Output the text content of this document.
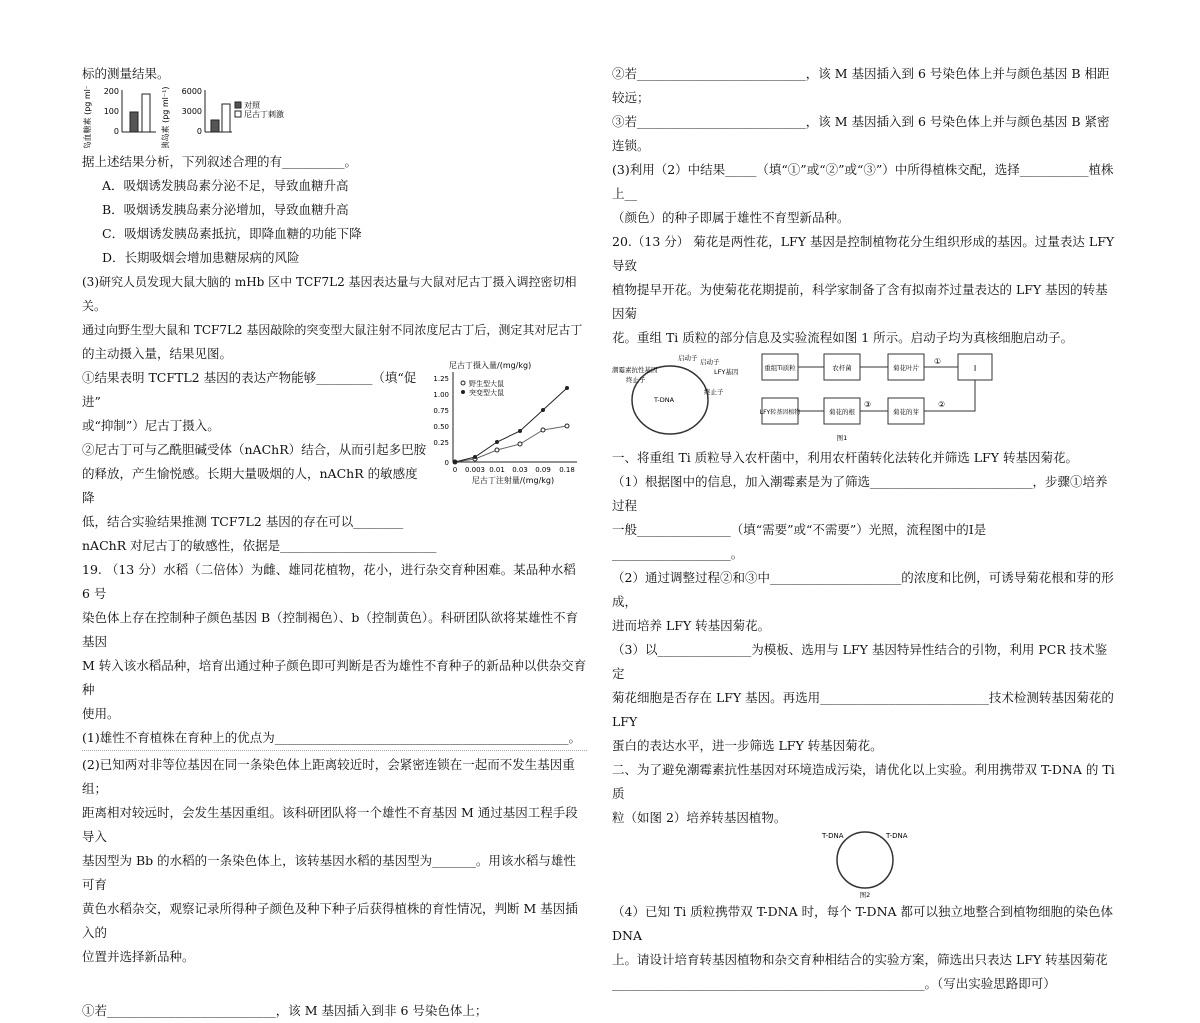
标的测量结果。

胰岛血糖素 (pg ml⁻¹) 200
100
0	胰岛素 (pg ml⁻¹) 6000
3000
0
对照
尼古丁刺激

据上述结果分析，下列叙述合理的有__________。

A．吸烟诱发胰岛素分泌不足，导致血糖升高

B．吸烟诱发胰岛素分泌增加，导致血糖升高

C．吸烟诱发胰岛素抵抗，即降血糖的功能下降

D．长期吸烟会增加患糖尿病的风险

(3)研究人员发现大鼠大脑的 mHb 区中 TCF7L2 基因表达量与大鼠对尼古丁摄入调控密切相关。

通过向野生型大鼠和 TCF7L2 基因敲除的突变型大鼠注射不同浓度尼古丁后，测定其对尼古丁

的主动摄入量，结果见图。

①结果表明 TCFTL2 基因的表达产物能够_________（填“促进”

或“抑制”）尼古丁摄入。

②尼古丁可与乙酰胆碱受体（nAChR）结合，从而引起多巴胺

的释放，产生愉悦感。长期大量吸烟的人，nAChR 的敏感度降

低，结合实验结果推测 TCF7L2 基因的存在可以________

nAChR 对尼古丁的敏感性，依据是_________________________

尼古丁摄入量/(mg/kg)
1.25
1.00
0.75
0.50
0.25
0
0 0.003 0.01 0.03 0.09 0.18
尼古丁注射量/(mg/kg)
野生型大鼠
突变型大鼠

19. （13 分）水稻（二倍体）为雌、雄同花植物，花小，进行杂交育种困难。某品种水稻 6 号

染色体上存在控制种子颜色基因 B（控制褐色）、b（控制黄色）。科研团队欲将某雄性不育基因

M 转入该水稻品种，培育出通过种子颜色即可判断是否为雄性不育种子的新品种以供杂交育种

使用。

(1)雄性不育植株在育种上的优点为_______________________________________________。

(2)已知两对非等位基因在同一条染色体上距离较近时，会紧密连锁在一起而不发生基因重组；

距离相对较远时，会发生基因重组。该科研团队将一个雄性不育基因 M 通过基因工程手段导入

基因型为 Bb 的水稻的一条染色体上，该转基因水稻的基因型为_______。用该水稻与雄性可育

黄色水稻杂交，观察记录所得种子颜色及种下种子后获得植株的育性情况，判断 M 基因插入的

位置并选择新品种。

①若___________________________，该 M 基因插入到非 6 号染色体上；

②若___________________________，该 M 基因插入到 6 号染色体上并与颜色基因 B 相距较远；

③若___________________________，该 M 基因插入到 6 号染色体上并与颜色基因 B 紧密连锁。

(3)利用（2）中结果_____（填“①”或“②”或“③”）中所得植株交配，选择___________植株上__

（颜色）的种子即属于雄性不育型新品种。

20.（13 分） 菊花是两性花，LFY 基因是控制植物花分生组织形成的基因。过量表达 LFY 导致

植物提早开花。为使菊花花期提前，科学家制备了含有拟南芥过量表达的 LFY 基因的转基因菊

花。重组 Ti 质粒的部分信息及实验流程如图 1 所示。启动子均为真核细胞启动子。

启动子
潮霉素抗性基因
终止子
启动子
LFY基因
T-DNA
终止子
重组Ti质粒	农杆菌	菊花叶片	Ⅰ
LFY转基因植物	菊花的根	菊花的芽
①
②
③
图1

一、将重组 Ti 质粒导入农杆菌中，利用农杆菌转化法转化并筛选 LFY 转基因菊花。

（1）根据图中的信息，加入潮霉素是为了筛选__________________________，步骤①培养过程

一般_______________（填“需要”或“不需要”）光照，流程图中的Ⅰ是___________________。

（2）通过调整过程②和③中_____________________的浓度和比例，可诱导菊花根和芽的形成，

进而培养 LFY 转基因菊花。

（3）以_______________为模板、选用与 LFY 基因特异性结合的引物，利用 PCR 技术鉴定

菊花细胞是否存在 LFY 基因。再选用___________________________技术检测转基因菊花的 LFY

蛋白的表达水平，进一步筛选 LFY 转基因菊花。

二、为了避免潮霉素抗性基因对环境造成污染，请优化以上实验。利用携带双 T-DNA 的 Ti 质

粒（如图 2）培养转基因植物。

T-DNA	T-DNA
图2

（4）已知 Ti 质粒携带双 T-DNA 时，每个 T-DNA 都可以独立地整合到植物细胞的染色体 DNA

上。请设计培育转基因植物和杂交育种相结合的实验方案，筛选出只表达 LFY 转基因菊花

__________________________________________________。（写出实验思路即可）
